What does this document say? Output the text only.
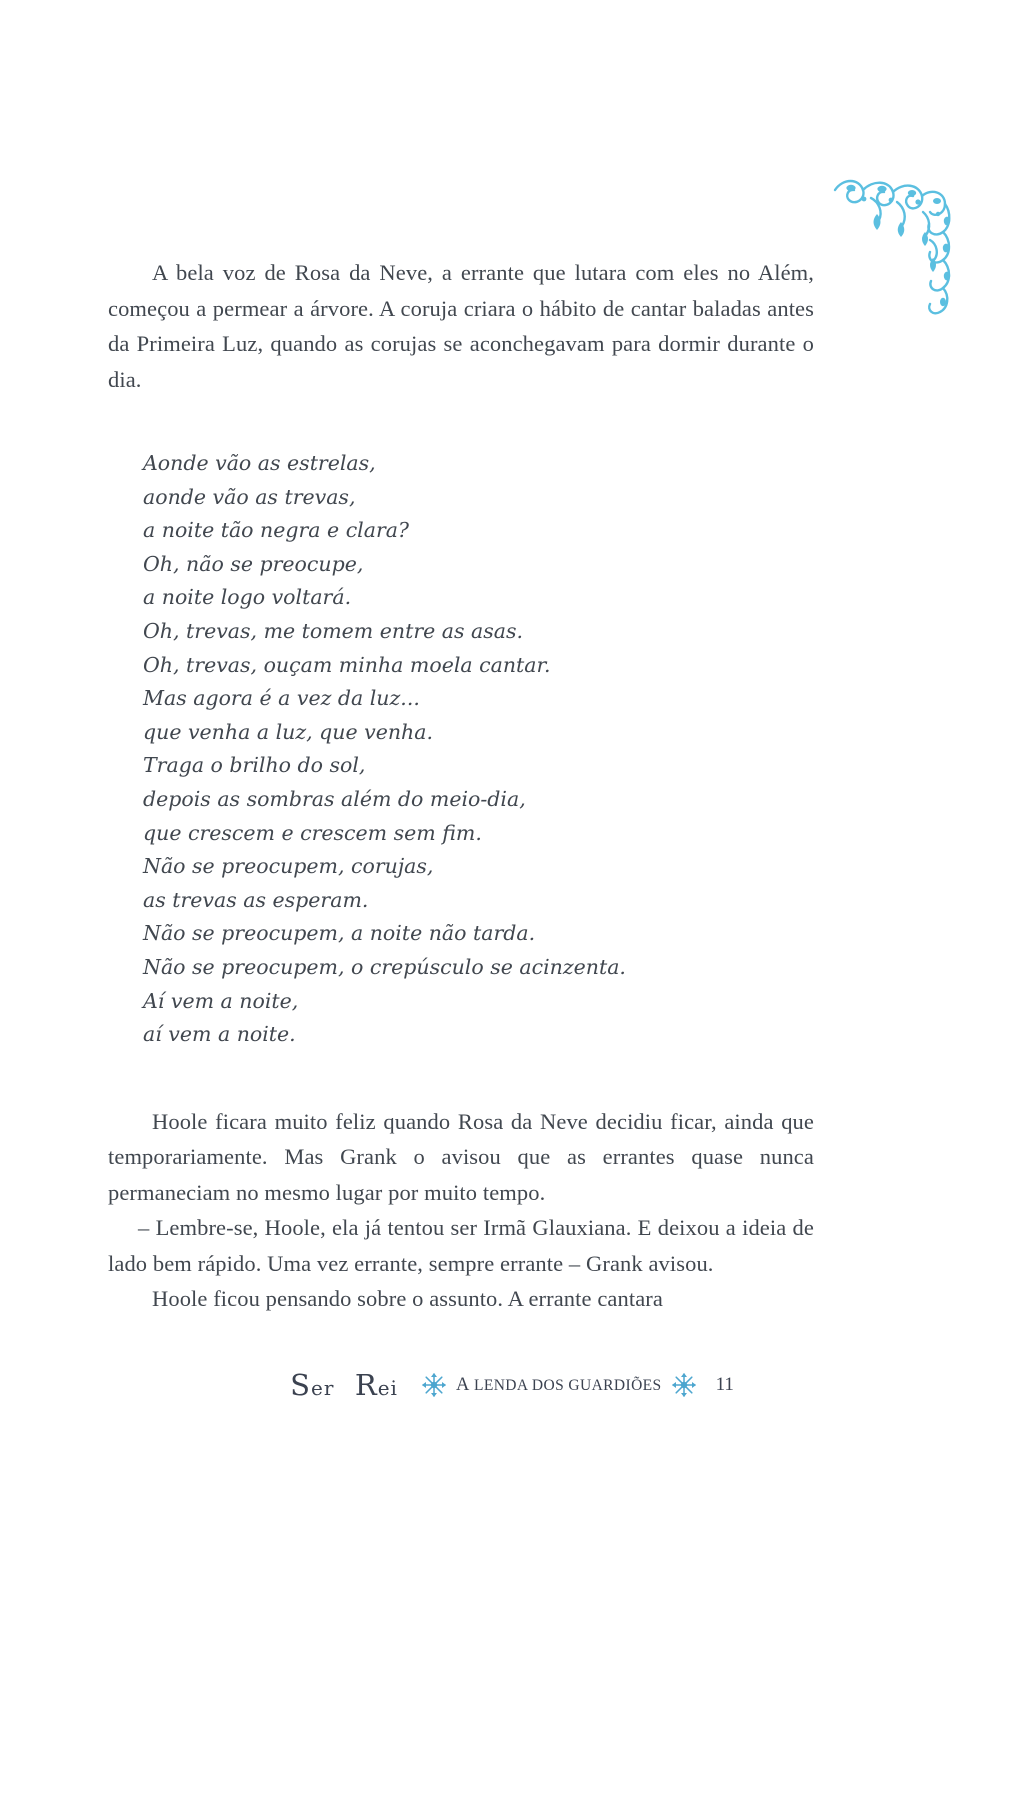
A bela voz de Rosa da Neve, a errante que lutara com eles no Além, começou a permear a árvore. A coruja criara o hábito de cantar baladas antes da Primeira Luz, quando as corujas se aconchegavam para dormir durante o dia.

Aonde vão as estrelas,
aonde vão as trevas,
a noite tão negra e clara?
Oh, não se preocupe,
a noite logo voltará.
Oh, trevas, me tomem entre as asas.
Oh, trevas, ouçam minha moela cantar.
Mas agora é a vez da luz...
que venha a luz, que venha.
Traga o brilho do sol,
depois as sombras além do meio-dia,
que crescem e crescem sem fim.
Não se preocupem, corujas,
as trevas as esperam.
Não se preocupem, a noite não tarda.
Não se preocupem, o crepúsculo se acinzenta.
Aí vem a noite,
aí vem a noite.

Hoole ficara muito feliz quando Rosa da Neve decidiu ficar, ainda que temporariamente. Mas Grank o avisou que as errantes quase nunca permaneciam no mesmo lugar por muito tempo.

– Lembre-se, Hoole, ela já tentou ser Irmã Glauxiana. E deixou a ideia de lado bem rápido. Uma vez errante, sempre errante – Grank avisou.

Hoole ficou pensando sobre o assunto. A errante cantara

Ser Rei	A LENDA DOS GUARDIÕES	11
